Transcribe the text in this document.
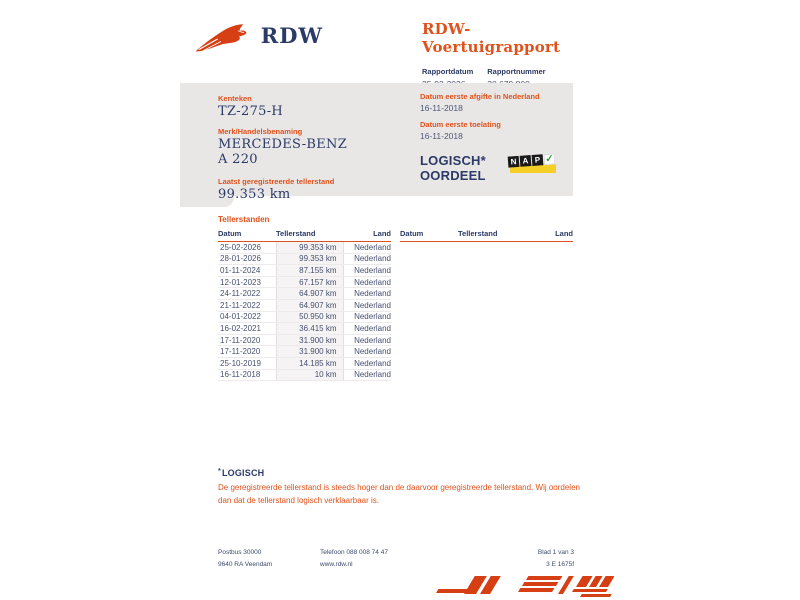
RDW	RDW-Voertuigrapport
Rapportdatum Rapportnummer
Kenteken
TZ-275-H
Merk/Handelsbenaming
MERCEDES-BENZ A 220
Laatst geregistreerde tellerstand
99.353 km
Datum eerste afgifte in Nederland
16-11-2018
Datum eerste toelating
16-11-2018
LOGISCH*
OORDEEL
N A P ✓
Tellerstanden
Datum	Tellerstand	Land
25-02-2026	99.353 km	Nederland
28-01-2026	99.353 km	Nederland
01-11-2024	87.155 km	Nederland
12-01-2023	67.157 km	Nederland
24-11-2022	64.907 km	Nederland
21-11-2022	64.907 km	Nederland
04-01-2022	50.950 km	Nederland
16-02-2021	36.415 km	Nederland
17-11-2020	31.900 km	Nederland
17-11-2020	31.900 km	Nederland
25-10-2019	14.185 km	Nederland
16-11-2018	10 km	Nederland
Datum	Tellerstand	Land
*LOGISCH
De geregistreerde tellerstand is steeds hoger dan de daarvoor geregistreerde tellerstand. Wij oordelen dan dat de tellerstand logisch verklaarbaar is.
Postbus 30000
9640 RA Veendam
Telefoon 088 008 74 47
www.rdw.nl
Blad 1 van 3
3 E 1675f
